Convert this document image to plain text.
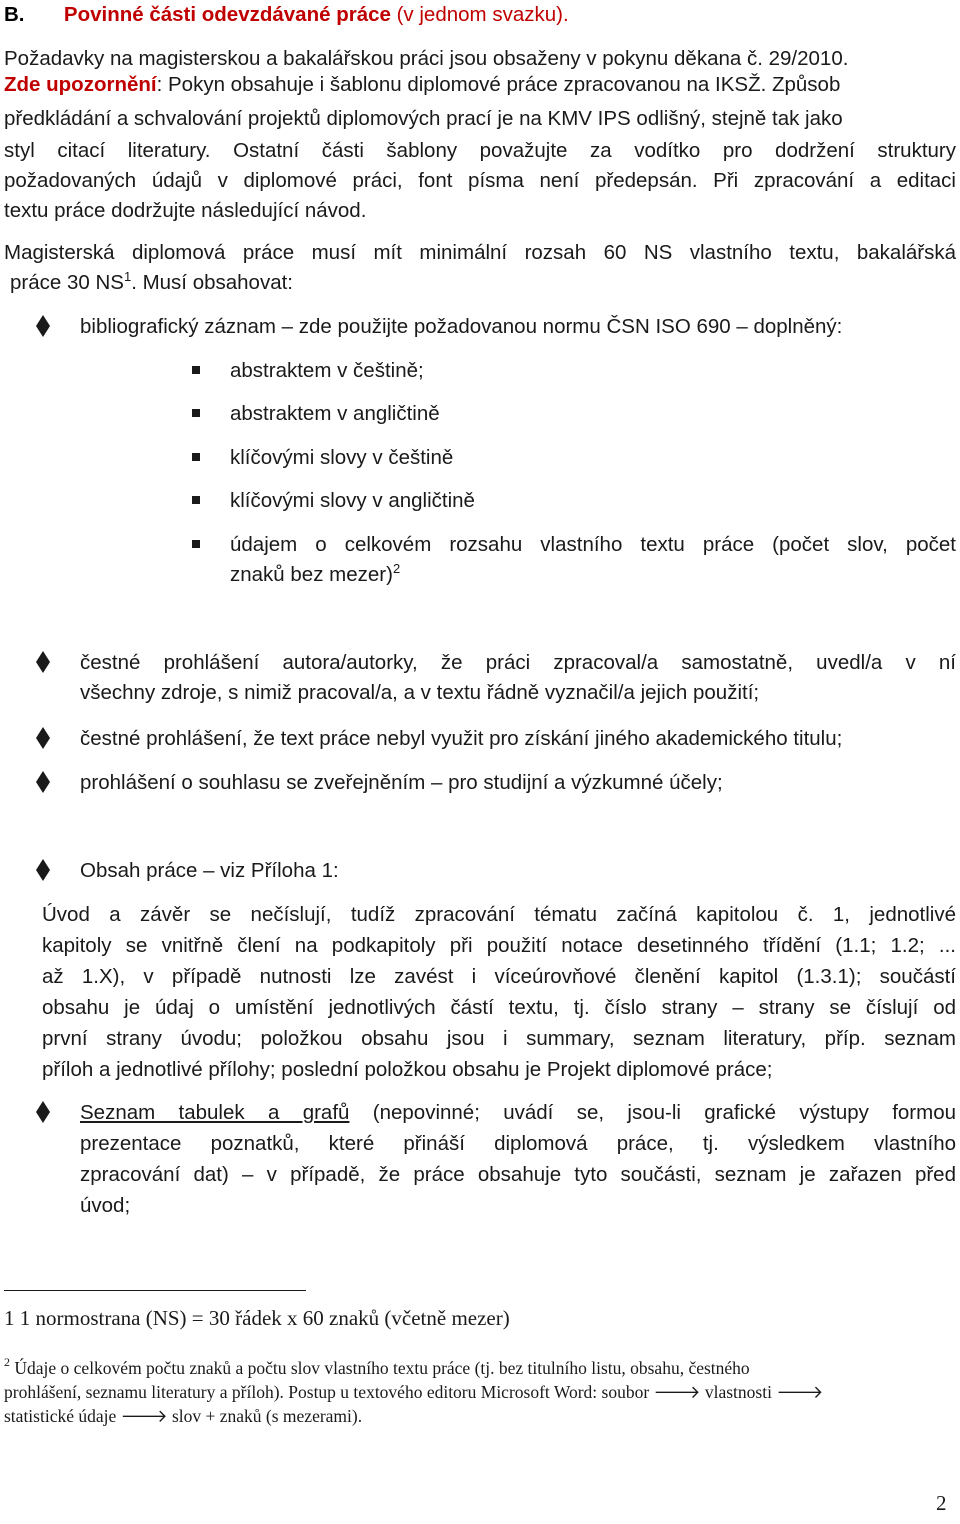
B. Povinné části odevzdávané práce (v jednom svazku).
Požadavky na magisterskou a bakalářskou práci jsou obsaženy v pokynu děkana č. 29/2010.
Zde upozornění: Pokyn obsahuje i šablonu diplomové práce zpracovanou na IKSŽ. Způsob
předkládání a schvalování projektů diplomových prací je na KMV IPS odlišný, stejně tak jako
styl citací literatury. Ostatní části šablony považujte za vodítko pro dodržení struktury
požadovaných údajů v diplomové práci, font písma není předepsán. Při zpracování a editaci
textu práce dodržujte následující návod.
Magisterská diplomová práce musí mít minimální rozsah 60 NS vlastního textu, bakalářská
práce 30 $NS^1$. Musí obsahovat:
bibliografický záznam – zde použijte požadovanou normu ČSN ISO 690 – doplněný:
abstraktem v češtině;
abstraktem v angličtině
klíčovými slovy v češtině
klíčovými slovy v angličtině
údajem o celkovém rozsahu vlastního textu práce (počet slov, počet
znaků bez mezer)$^2$
čestné prohlášení autora/autorky, že práci zpracoval/a samostatně, uvedl/a v ní
všechny zdroje, s nimiž pracoval/a, a v textu řádně vyznačil/a jejich použití;
čestné prohlášení, že text práce nebyl využit pro získání jiného akademického titulu;
prohlášení o souhlasu se zveřejněním – pro studijní a výzkumné účely;
Obsah práce – viz Příloha 1:
Úvod a závěr se nečíslují, tudíž zpracování tématu začíná kapitolou č. 1, jednotlivé
kapitoly se vnitřně člení na podkapitoly při použití notace desetinného třídění (1.1; 1.2; ...
až 1.X), v případě nutnosti lze zavést i víceúrovňové členění kapitol (1.3.1); součástí
obsahu je údaj o umístění jednotlivých částí textu, tj. číslo strany – strany se číslují od
první strany úvodu; položkou obsahu jsou i summary, seznam literatury, příp. seznam
příloh a jednotlivé přílohy; poslední položkou obsahu je Projekt diplomové práce;
Seznam tabulek a grafů (nepovinné; uvádí se, jsou-li grafické výstupy formou
prezentace poznatků, které přináší diplomová práce, tj. výsledkem vlastního
zpracování dat) – v případě, že práce obsahuje tyto součásti, seznam je zařazen před
úvod;
1 1 normostrana (NS) = 30 řádek x 60 znaků (včetně mezer)
$^2$ Údaje o celkovém počtu znaků a počtu slov vlastního textu práce (tj. bez titulního listu, obsahu, čestného
prohlášení, seznamu literatury a příloh). Postup u textového editoru Microsoft Word: soubor 🡒 vlastnosti 🡒
statistické údaje 🡒 slov + znaků (s mezerami).
2
